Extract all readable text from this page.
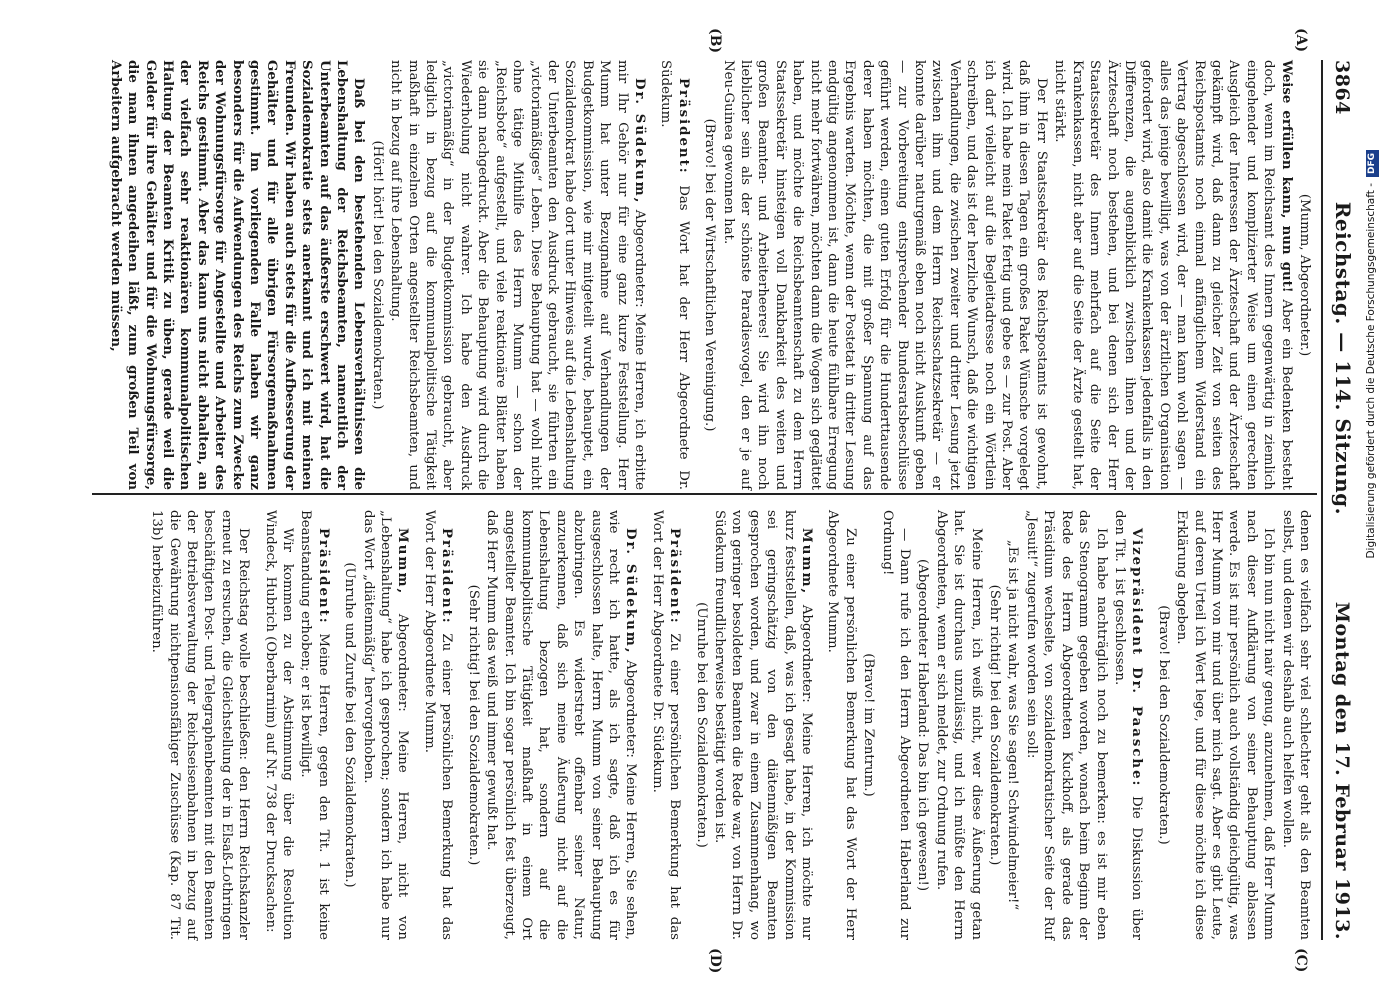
3864
Reichstag. — 114. Sitzung.
Montag den 17. Februar 1913.
(A)
(B)
(C)
(D)

(Mumm, Abgeordneter.)

Weise erfüllen kann, nun gut! Aber ein Bedenken besteht doch, wenn im Reichsamt des Innern gegenwärtig in ziemlich eingehender und komplizierter Weise um einen gerechten Ausgleich der Interessen der Ärzteschaft und der Ärzteschaft gekämpft wird, daß dann zu gleicher Zeit von seiten des Reichspostamts noch einmal anfänglichem Widerstand ein Vertrag abgeschlossen wird, der — man kann wohl sagen — alles das jenige bewilligt, was von der ärztlichen Organisation gefordert wird, also damit die Krankenkassen jedenfalls in den Differenzen, die augenblicklich zwischen ihnen und der Ärzteschaft noch bestehen, und bei denen sich der Herr Staatssekretär des Innern mehrfach auf die Seite der Krankenkassen, nicht aber auf die Seite der Ärzte gestellt hat, nicht stärkt.

Der Herr Staatssekretär des Reichspostamts ist gewohnt, daß ihm in diesen Tagen ein großes Paket Wünsche vorgelegt wird. Ich habe mein Paket fertig und gebe es — zur Post. Aber ich darf vielleicht auf die Begleitadresse noch ein Wörtlein schreiben, und das ist der herzliche Wunsch, daß die wichtigen Verhandlungen, die zwischen zweiter und dritter Lesung jetzt zwischen ihm und dem Herrn Reichsschatzsekretär — er konnte darüber naturgemäß eben noch nicht Auskunft geben — zur Vorbereitung entsprechender Bundesratsbeschlüsse geführt werden, einen guten Erfolg für die Hunderttausende derer haben möchten, die mit großer Spannung auf das Ergebnis warten. Möchte, wenn der Postetat in dritter Lesung endgültig angenommen ist, dann die heute fühlbare Erregung nicht mehr fortwähren, möchten dann die Wogen sich geglättet haben, und möchte die Reichsbeamtenschaft zu dem Herrn Staatssekretär hinsteigen voll Dankbarkeit des weiten und großen Beamten- und Arbeiterheeres! Sie wird ihn noch lieblicher sein als der schönste Paradiesvogel, den er je auf Neu-Guinea gewonnen hat.

(Bravo! bei der Wirtschaftlichen Vereinigung.)

Präsident: Das Wort hat der Herr Abgeordnete Dr. Südekum.

Dr. Südekum, Abgeordneter: Meine Herren, ich erbitte mir Ihr Gehör nur für eine ganz kurze Feststellung. Herr Mumm hat unter Bezugnahme auf Verhandlungen der Budgetkommission, wie mir mitgeteilt wurde, behauptet, ein Sozialdemokrat habe dort unter Hinweis auf die Lebenshaltung der Unterbeamten den Ausdruck gebraucht, sie führten ein „victoriamäßiges“ Leben. Diese Behauptung hat — wohl nicht ohne tätige Mithilfe des Herrn Mumm — schon der „Reichsbote“ aufgestellt, und viele reaktionäre Blätter haben sie dann nachgedruckt. Aber die Behauptung wird durch die Wiederholung nicht wahrer. Ich habe den Ausdruck „victoriamäßig“ in der Budgetkommission gebraucht, aber lediglich in bezug auf die kommunalpolitische Tätigkeit maßhaft in einzelnen Orten angestellter Reichsbeamten, und nicht in bezug auf ihre Lebenshaltung.

(Hört! hört! bei den Sozialdemokraten.)

Daß bei den bestehenden Lebensverhältnissen die Lebenshaltung der Reichsbeamten, namentlich der Unterbeamten auf das äußerste erschwert wird, hat die Sozialdemokratie stets anerkannt und ich mit meinen Freunden. Wir haben auch stets für die Aufbesserung der Gehälter und für alle übrigen Fürsorgemaßnahmen gestimmt. Im vorliegenden Falle haben wir ganz besonders für die Aufwendungen des Reichs zum Zwecke der Wohnungsfürsorge für Angestellte und Arbeiter des Reichs gestimmt. Aber das kann uns nicht abhalten, an der vielfach sehr reaktionären kommunalpolitischen Haltung der Beamten Kritik zu üben, gerade weil die Gelder für ihre Gehälter und für die Wohnungsfürsorge, die man ihnen angedeihen läßt, zum großen Teil von Arbeitern aufgebracht werden müssen,

denen es vielfach sehr viel schlechter geht als den Beamten selbst, und denen wir deshalb auch helfen wollen.

Ich bin nun nicht naiv genug, anzunehmen, daß Herr Mumm nach dieser Aufklärung von seiner Behauptung ablassen werde. Es ist mir persönlich auch vollständig gleichgültig, was Herr Mumm von mir und über mich sagt. Aber es gibt Leute, auf deren Urteil ich Wert lege, und für diese möchte ich diese Erklärung abgeben.

(Bravo! bei den Sozialdemokraten.)

Vizepräsident Dr. Paasche: Die Diskussion über den Tit. 1 ist geschlossen.

Ich habe nachträglich noch zu bemerken: es ist mir eben das Stenogramm gegeben worden, wonach beim Beginn der Rede des Herrn Abgeordneten Kuckhoff, als gerade das Präsidium wechselte, von sozialdemokratischer Seite der Ruf „Jesuit!“ zugerufen worden sein soll:

„Es ist ja nicht wahr, was Sie sagen! Schwindelmeier!“

(Sehr richtig! bei den Sozialdemokraten.)

Meine Herren, ich weiß nicht, wer diese Äußerung getan hat. Sie ist durchaus unzulässig, und ich müßte den Herrn Abgeordneten, wenn er sich meldet, zur Ordnung rufen.

(Abgeordneter Haberland: Das bin ich gewesen!)

— Dann rufe ich den Herrn Abgeordneten Haberland zur Ordnung!

(Bravo! im Zentrum.)

Zu einer persönlichen Bemerkung hat das Wort der Herr Abgeordnete Mumm.

Mumm, Abgeordneter: Meine Herren, ich möchte nur kurz feststellen, daß, was ich gesagt habe, in der Kommission sei geringschätzig von den diätenmäßigen Beamten gesprochen worden, und zwar in einem Zusammenhang, wo von geringer besoldeten Beamten die Rede war, von Herrn Dr. Südekum freundlicherweise bestätigt worden ist.

(Unruhe bei den Sozialdemokraten.)

Präsident: Zu einer persönlichen Bemerkung hat das Wort der Herr Abgeordnete Dr. Südekum.

Dr. Südekum, Abgeordneter: Meine Herren, Sie sehen, wie recht ich hatte, als ich sagte, daß ich es für ausgeschlossen halte, Herrn Mumm von seiner Behauptung abzubringen. Es widerstrebt offenbar seiner Natur, anzuerkennen, daß sich meine Äußerung nicht auf die Lebenshaltung bezogen hat, sondern auf die kommunalpolitische Tätigkeit maßhaft in einem Ort angestellter Beamter. Ich bin sogar persönlich fest überzeugt, daß Herr Mumm das weiß und immer gewußt hat.

(Sehr richtig! bei den Sozialdemokraten.)

Präsident: Zu einer persönlichen Bemerkung hat das Wort der Herr Abgeordnete Mumm.

Mumm, Abgeordneter: Meine Herren, nicht von „Lebenshaltung“ habe ich gesprochen; sondern ich habe nur das Wort „diätenmäßig“ hervorgehoben.

(Unruhe und Zurufe bei den Sozialdemokraten.)

Präsident: Meine Herren, gegen den Tit. 1 ist keine Beanstandung erhoben; er ist bewilligt.

Wir kommen zu der Abstimmung über die Resolution Windeck, Hubrich (Oberbarnim) auf Nr. 738 der Drucksachen:

Der Reichstag wolle beschließen: den Herrn Reichskanzler erneut zu ersuchen, die Gleichstellung der in Elsaß-Lothringen beschäftigten Post- und Telegraphenbeamten mit den Beamten der Betriebsverwaltung der Reichseisenbahnen in bezug auf die Gewährung nichtpensionsfähiger Zuschüsse (Kap. 87 Tit. 13b) herbeizuführen.

Digitalisierung gefördert durch die Deutsche Forschungsgemeinschaft -DFG
